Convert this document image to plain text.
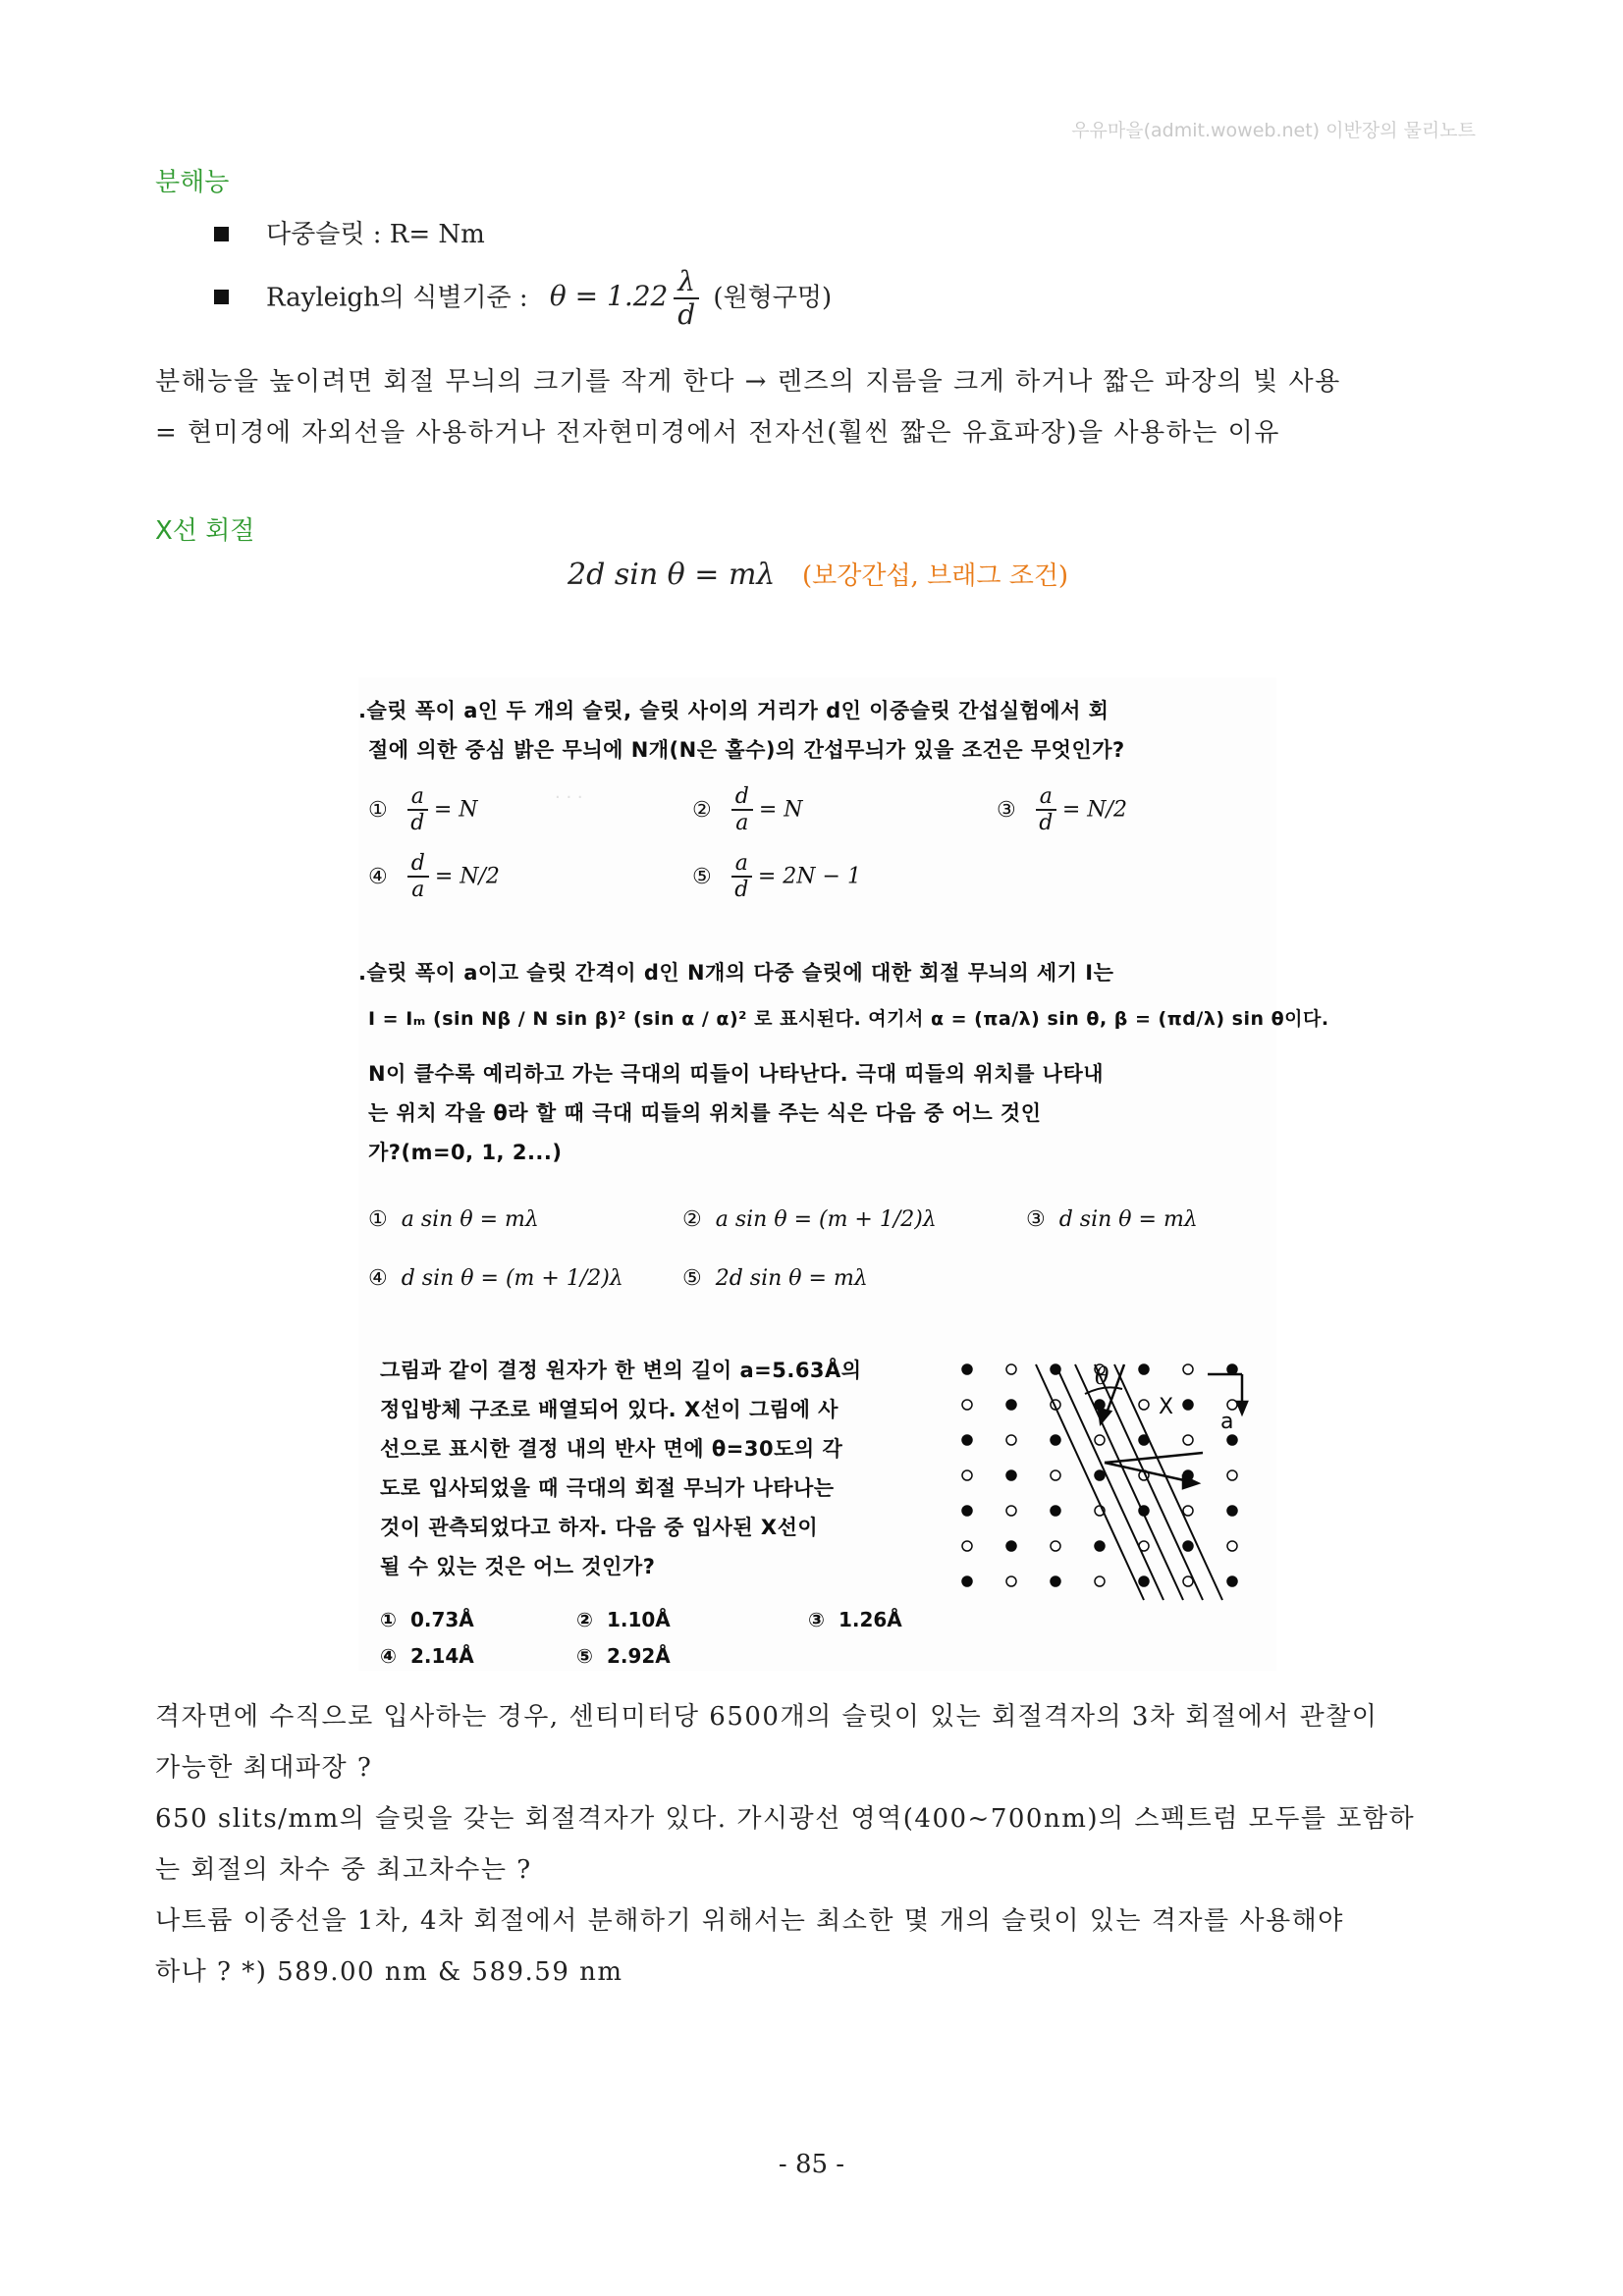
우유마을(admit.woweb.net) 이반장의 물리노트
분해능
다중슬릿 : R= Nm
Rayleigh의 식별기준 : $\theta = 1.22 \frac{\lambda}{d}$ (원형구멍)
분해능을 높이려면 회절 무늬의 크기를 작게 한다 → 렌즈의 지름을 크게 하거나 짧은 파장의 빛 사용
= 현미경에 자외선을 사용하거나 전자현미경에서 전자선(훨씬 짧은 유효파장)을 사용하는 이유
X선 회절
2d sin θ = mλ (보강간섭, 브래그 조건)
· · ·
.슬릿 폭이 a인 두 개의 슬릿, 슬릿 사이의 거리가 d인 이중슬릿 간섭실험에서 회
절에 의한 중심 밝은 무늬에 N개(N은 홀수)의 간섭무늬가 있을 조건은 무엇인가?
① $\frac{a}{d} = N$	② $\frac{d}{a} = N$	③ $\frac{a}{d} = N/2$
④ $\frac{d}{a} = N/2$	⑤ $\frac{a}{d} = 2N - 1$
.슬릿 폭이 a이고 슬릿 간격이 d인 N개의 다중 슬릿에 대한 회절 무늬의 세기 I는
I = Iₘ (sin Nβ / N sin β)² (sin α / α)² 로 표시된다. 여기서 α = (πa/λ) sin θ, β = (πd/λ) sin θ이다.
N이 클수록 예리하고 가는 극대의 띠들이 나타난다. 극대 띠들의 위치를 나타내
는 위치 각을 θ라 할 때 극대 띠들의 위치를 주는 식은 다음 중 어느 것인
가?(m=0, 1, 2...)
① a sin θ = mλ	② a sin θ = (m + 1/2)λ	③ d sin θ = mλ
④ d sin θ = (m + 1/2)λ	⑤ 2d sin θ = mλ
그림과 같이 결정 원자가 한 변의 길이 a=5.63Å의
정입방체 구조로 배열되어 있다. X선이 그림에 사
선으로 표시한 결정 내의 반사 면에 θ=30도의 각
도로 입사되었을 때 극대의 회절 무늬가 나타나는
것이 관측되었다고 하자. 다음 중 입사된 X선이
될 수 있는 것은 어느 것인가?
① 0.73Å	② 1.10Å	③ 1.26Å
④ 2.14Å	⑤ 2.92Å
θ
X
a
격자면에 수직으로 입사하는 경우, 센티미터당 6500개의 슬릿이 있는 회절격자의 3차 회절에서 관찰이
가능한 최대파장 ?
650 slits/mm의 슬릿을 갖는 회절격자가 있다. 가시광선 영역(400~700nm)의 스펙트럼 모두를 포함하
는 회절의 차수 중 최고차수는 ?
나트륨 이중선을 1차, 4차 회절에서 분해하기 위해서는 최소한 몇 개의 슬릿이 있는 격자를 사용해야
하나 ? *) 589.00 nm & 589.59 nm
- 85 -
